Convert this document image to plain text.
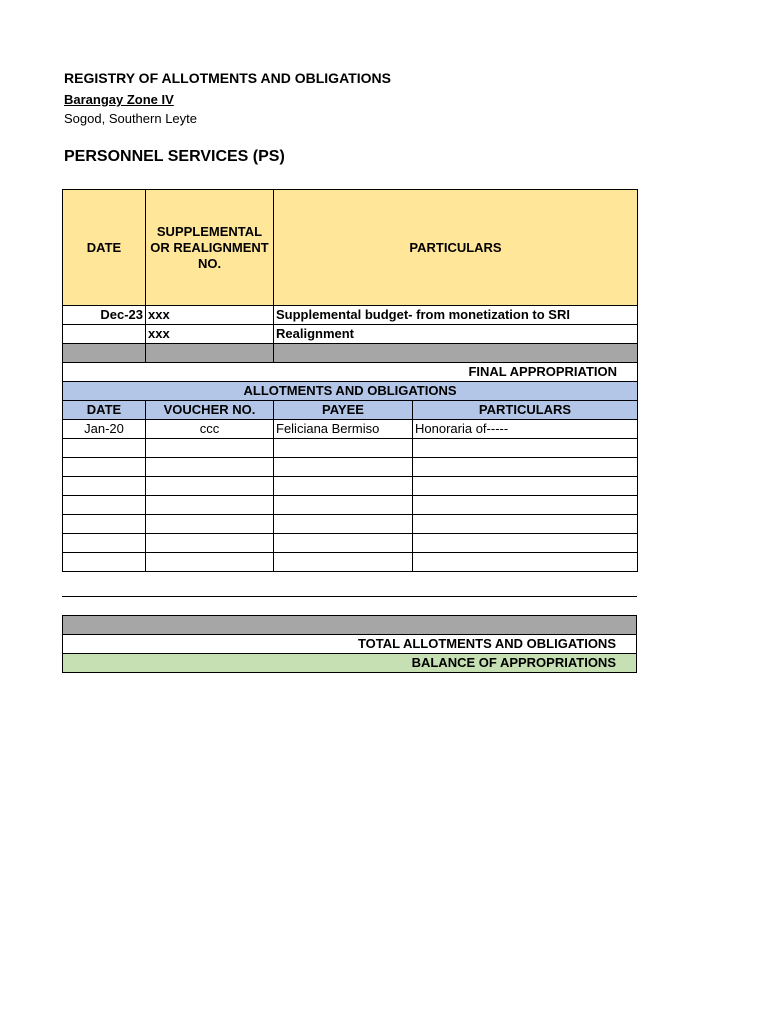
REGISTRY OF ALLOTMENTS AND OBLIGATIONS
Barangay Zone IV
Sogod, Southern Leyte
PERSONNEL SERVICES (PS)
DATE	SUPPLEMENTAL OR REALIGNMENT NO.	PARTICULARS	
Dec-23	xxx	Supplemental budget- from monetization to SRI	
	xxx	Realignment	

FINAL APPROPRIATION			
ALLOTMENTS AND OBLIGATIONS			
DATE	VOUCHER NO.	PAYEE	PARTICULARS
Jan-20	ccc	Feliciana Bermiso	Honoraria of-----

TOTAL ALLOTMENTS AND OBLIGATIONS
BALANCE OF APPROPRIATIONS
